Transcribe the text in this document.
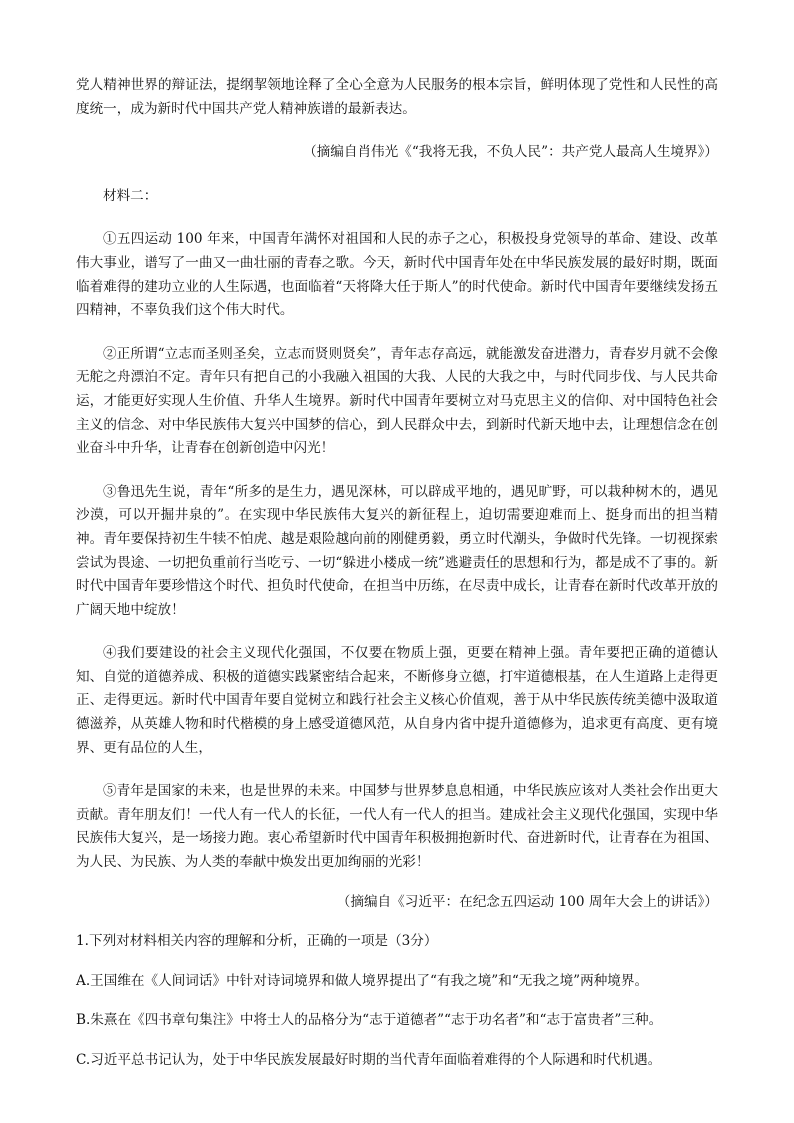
党人精神世界的辩证法，提纲挈领地诠释了全心全意为人民服务的根本宗旨，鲜明体现了党性和人民性的高度统一，成为新时代中国共产党人精神族谱的最新表达。

（摘编自肖伟光《“我将无我，不负人民”：共产党人最高人生境界》）

材料二：

①五四运动 100 年来，中国青年满怀对祖国和人民的赤子之心，积极投身党领导的革命、建设、改革伟大事业，谱写了一曲又一曲壮丽的青春之歌。今天，新时代中国青年处在中华民族发展的最好时期，既面临着难得的建功立业的人生际遇，也面临着“天将降大任于斯人”的时代使命。新时代中国青年要继续发扬五四精神，不辜负我们这个伟大时代。

②正所谓“立志而圣则圣矣，立志而贤则贤矣”，青年志存高远，就能激发奋进潜力，青春岁月就不会像无舵之舟漂泊不定。青年只有把自己的小我融入祖国的大我、人民的大我之中，与时代同步伐、与人民共命运，才能更好实现人生价值、升华人生境界。新时代中国青年要树立对马克思主义的信仰、对中国特色社会主义的信念、对中华民族伟大复兴中国梦的信心，到人民群众中去，到新时代新天地中去，让理想信念在创业奋斗中升华，让青春在创新创造中闪光！

③鲁迅先生说，青年“所多的是生力，遇见深林，可以辟成平地的，遇见旷野，可以栽种树木的，遇见沙漠，可以开掘井泉的”。在实现中华民族伟大复兴的新征程上，迫切需要迎难而上、挺身而出的担当精神。青年要保持初生牛犊不怕虎、越是艰险越向前的刚健勇毅，勇立时代潮头，争做时代先锋。一切视探索尝试为畏途、一切把负重前行当吃亏、一切“躲进小楼成一统”逃避责任的思想和行为，都是成不了事的。新时代中国青年要珍惜这个时代、担负时代使命，在担当中历练，在尽责中成长，让青春在新时代改革开放的广阔天地中绽放！

④我们要建设的社会主义现代化强国，不仅要在物质上强，更要在精神上强。青年要把正确的道德认知、自觉的道德养成、积极的道德实践紧密结合起来，不断修身立德，打牢道德根基，在人生道路上走得更正、走得更远。新时代中国青年要自觉树立和践行社会主义核心价值观，善于从中华民族传统美德中汲取道德滋养，从英雄人物和时代楷模的身上感受道德风范，从自身内省中提升道德修为，追求更有高度、更有境界、更有品位的人生，

⑤青年是国家的未来，也是世界的未来。中国梦与世界梦息息相通，中华民族应该对人类社会作出更大贡献。青年朋友们！一代人有一代人的长征，一代人有一代人的担当。建成社会主义现代化强国，实现中华民族伟大复兴，是一场接力跑。衷心希望新时代中国青年积极拥抱新时代、奋进新时代，让青春在为祖国、为人民、为民族、为人类的奉献中焕发出更加绚丽的光彩！

（摘编自《习近平：在纪念五四运动 100 周年大会上的讲话》）

1.下列对材料相关内容的理解和分析，正确的一项是（3分）

A.王国维在《人间词话》中针对诗词境界和做人境界提出了“有我之境”和“无我之境”两种境界。

B.朱熹在《四书章句集注》中将士人的品格分为“志于道德者”“志于功名者”和“志于富贵者”三种。

C.习近平总书记认为，处于中华民族发展最好时期的当代青年面临着难得的个人际遇和时代机遇。
